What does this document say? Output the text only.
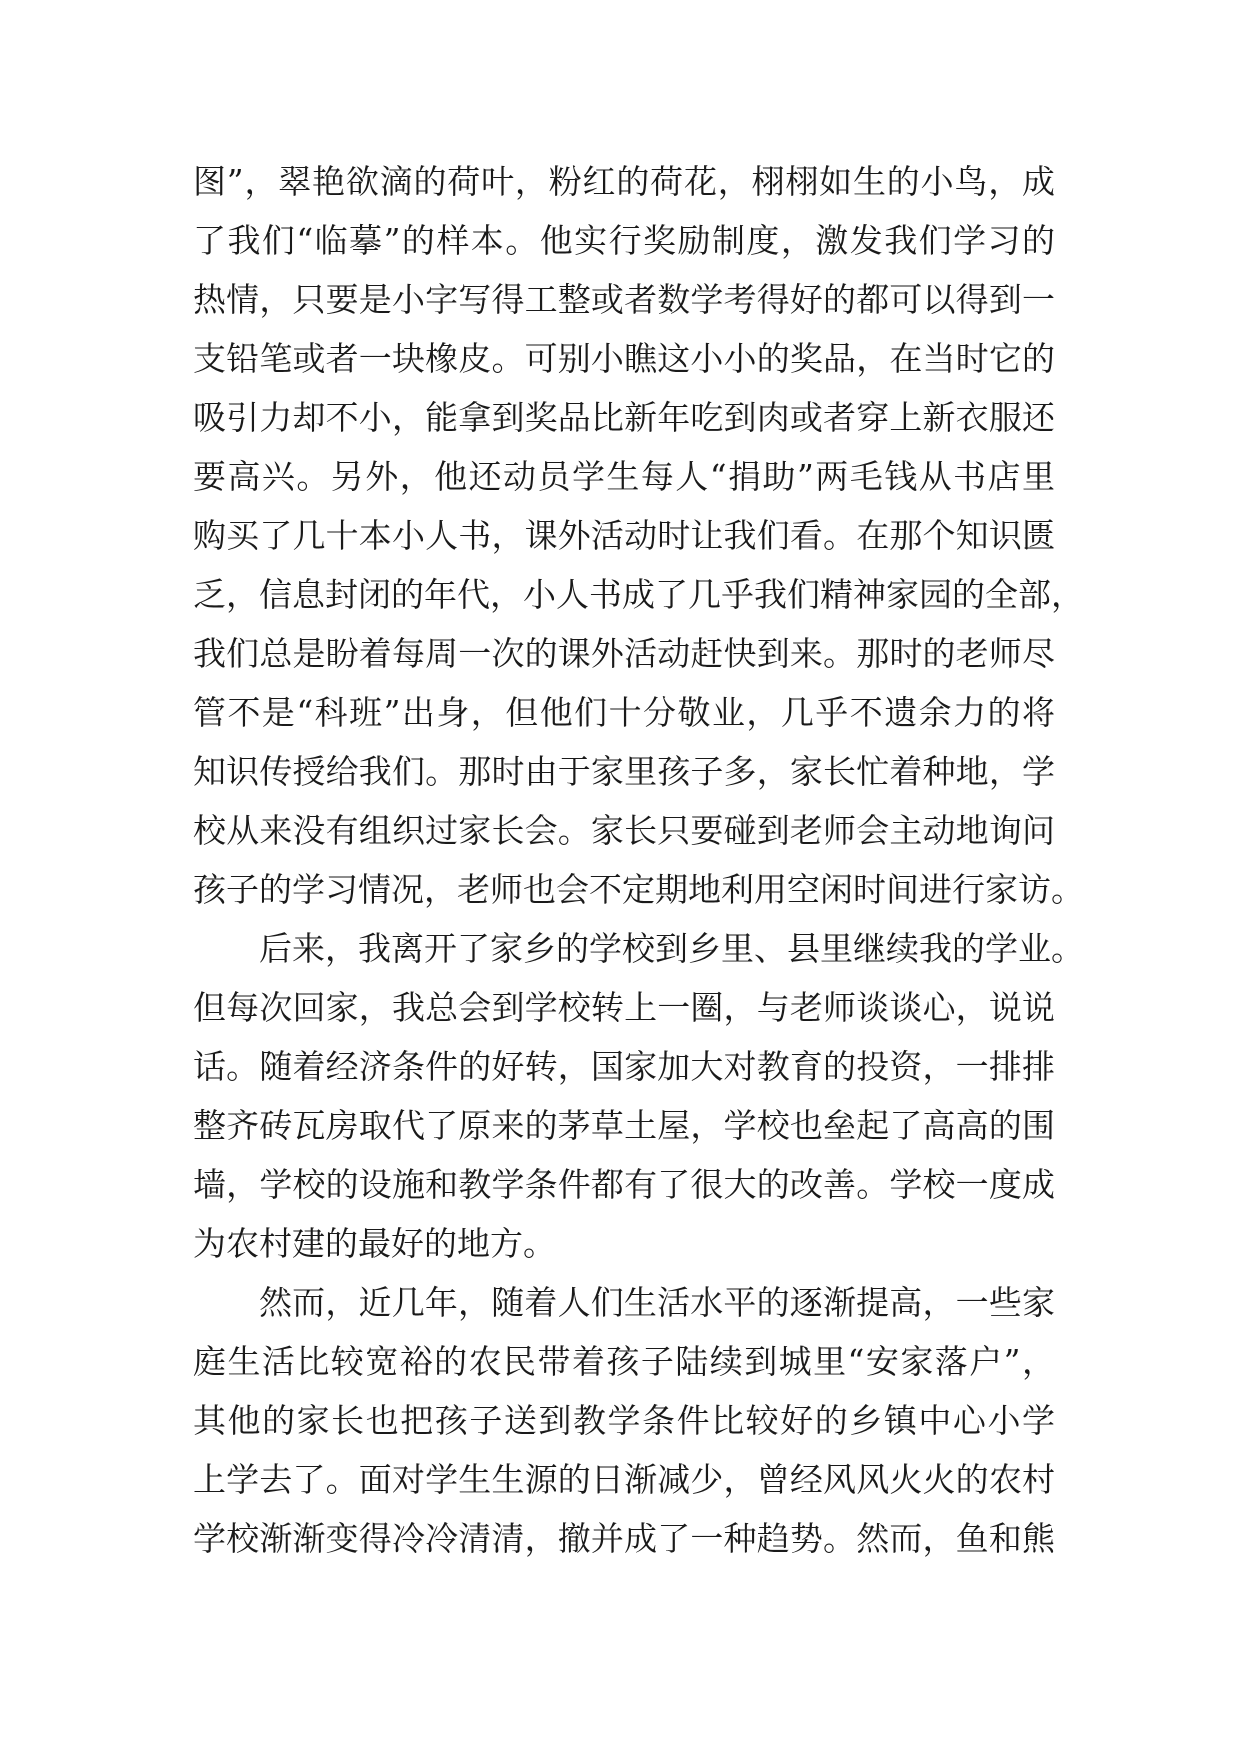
图”，翠艳欲滴的荷叶，粉红的荷花，栩栩如生的小鸟，成
了我们“临摹”的样本。他实行奖励制度，激发我们学习的
热情，只要是小字写得工整或者数学考得好的都可以得到一
支铅笔或者一块橡皮。可别小瞧这小小的奖品，在当时它的
吸引力却不小，能拿到奖品比新年吃到肉或者穿上新衣服还
要高兴。另外，他还动员学生每人“捐助”两毛钱从书店里
购买了几十本小人书，课外活动时让我们看。在那个知识匮
乏，信息封闭的年代，小人书成了几乎我们精神家园的全部，
我们总是盼着每周一次的课外活动赶快到来。那时的老师尽
管不是“科班”出身，但他们十分敬业，几乎不遗余力的将
知识传授给我们。那时由于家里孩子多，家长忙着种地，学
校从来没有组织过家长会。家长只要碰到老师会主动地询问
孩子的学习情况，老师也会不定期地利用空闲时间进行家访。
后来，我离开了家乡的学校到乡里、县里继续我的学业。
但每次回家，我总会到学校转上一圈，与老师谈谈心，说说
话。随着经济条件的好转，国家加大对教育的投资，一排排
整齐砖瓦房取代了原来的茅草土屋，学校也垒起了高高的围
墙，学校的设施和教学条件都有了很大的改善。学校一度成
为农村建的最好的地方。
然而，近几年，随着人们生活水平的逐渐提高，一些家
庭生活比较宽裕的农民带着孩子陆续到城里“安家落户”，
其他的家长也把孩子送到教学条件比较好的乡镇中心小学
上学去了。面对学生生源的日渐减少，曾经风风火火的农村
学校渐渐变得冷冷清清，撤并成了一种趋势。然而，鱼和熊
